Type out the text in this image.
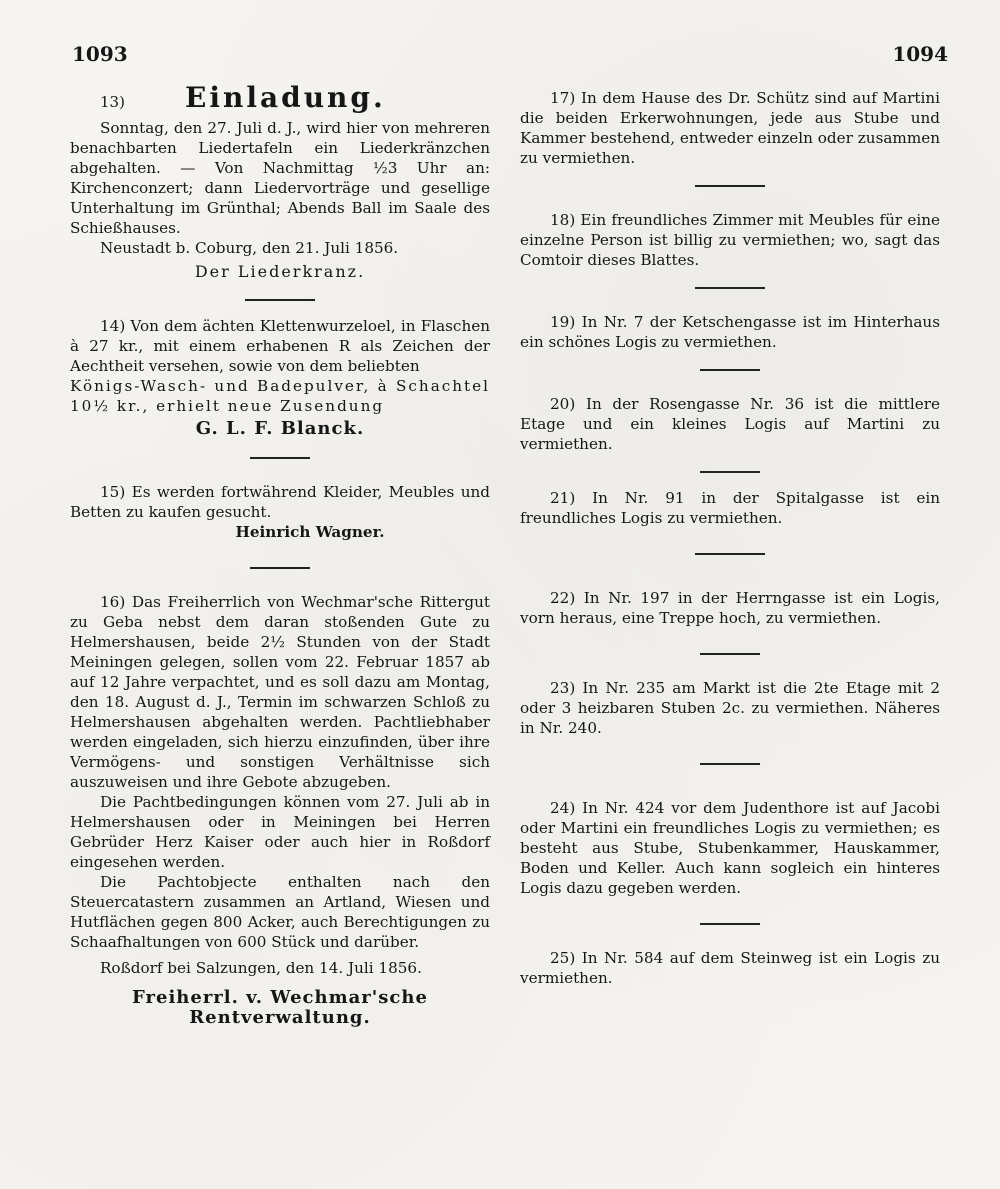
1093	1094
13)	Einladung.

Sonntag, den 27. Juli d. J., wird hier von mehreren benachbarten Liedertafeln ein Liederkränzchen abgehalten. — Von Nachmittag ½3 Uhr an: Kirchenconzert; dann Liedervorträge und gesellige Unterhaltung im Grünthal; Abends Ball im Saale des Schießhauses.

Neustadt b. Coburg, den 21. Juli 1856.

Der Liederkranz.

14) Von dem ächten Klettenwurzeloel, in Flaschen à 27 kr., mit einem erhabenen R als Zeichen der Aechtheit versehen, sowie von dem beliebten

Königs-Wasch- und Badepulver, à Schachtel 10½ kr., erhielt neue Zusendung

G. L. F. Blanck.

15) Es werden fortwährend Kleider, Meubles und Betten zu kaufen gesucht.

Heinrich Wagner.

16) Das Freiherrlich von Wechmar'sche Rittergut zu Geba nebst dem daran stoßenden Gute zu Helmershausen, beide 2½ Stunden von der Stadt Meiningen gelegen, sollen vom 22. Februar 1857 ab auf 12 Jahre verpachtet, und es soll dazu am Montag, den 18. August d. J., Termin im schwarzen Schloß zu Helmershausen abgehalten werden. Pachtliebhaber werden eingeladen, sich hierzu einzufinden, über ihre Vermögens- und sonstigen Verhältnisse sich auszuweisen und ihre Gebote abzugeben.

Die Pachtbedingungen können vom 27. Juli ab in Helmershausen oder in Meiningen bei Herren Gebrüder Herz Kaiser oder auch hier in Roßdorf eingesehen werden.

Die Pachtobjecte enthalten nach den Steuercatastern zusammen an Artland, Wiesen und Hutflächen gegen 800 Acker, auch Berechtigungen zu Schaafhaltungen von 600 Stück und darüber.

Roßdorf bei Salzungen, den 14. Juli 1856.

Freiherrl. v. Wechmar'sche Rentverwaltung.

17) In dem Hause des Dr. Schütz sind auf Martini die beiden Erkerwohnungen, jede aus Stube und Kammer bestehend, entweder einzeln oder zusammen zu vermiethen.

18) Ein freundliches Zimmer mit Meubles für eine einzelne Person ist billig zu vermiethen; wo, sagt das Comtoir dieses Blattes.

19) In Nr. 7 der Ketschengasse ist im Hinterhaus ein schönes Logis zu vermiethen.

20) In der Rosengasse Nr. 36 ist die mittlere Etage und ein kleines Logis auf Martini zu vermiethen.

21) In Nr. 91 in der Spitalgasse ist ein freundliches Logis zu vermiethen.

22) In Nr. 197 in der Herrngasse ist ein Logis, vorn heraus, eine Treppe hoch, zu vermiethen.

23) In Nr. 235 am Markt ist die 2te Etage mit 2 oder 3 heizbaren Stuben 2c. zu vermiethen. Näheres in Nr. 240.

24) In Nr. 424 vor dem Judenthore ist auf Jacobi oder Martini ein freundliches Logis zu vermiethen; es besteht aus Stube, Stubenkammer, Hauskammer, Boden und Keller. Auch kann sogleich ein hinteres Logis dazu gegeben werden.

25) In Nr. 584 auf dem Steinweg ist ein Logis zu vermiethen.
